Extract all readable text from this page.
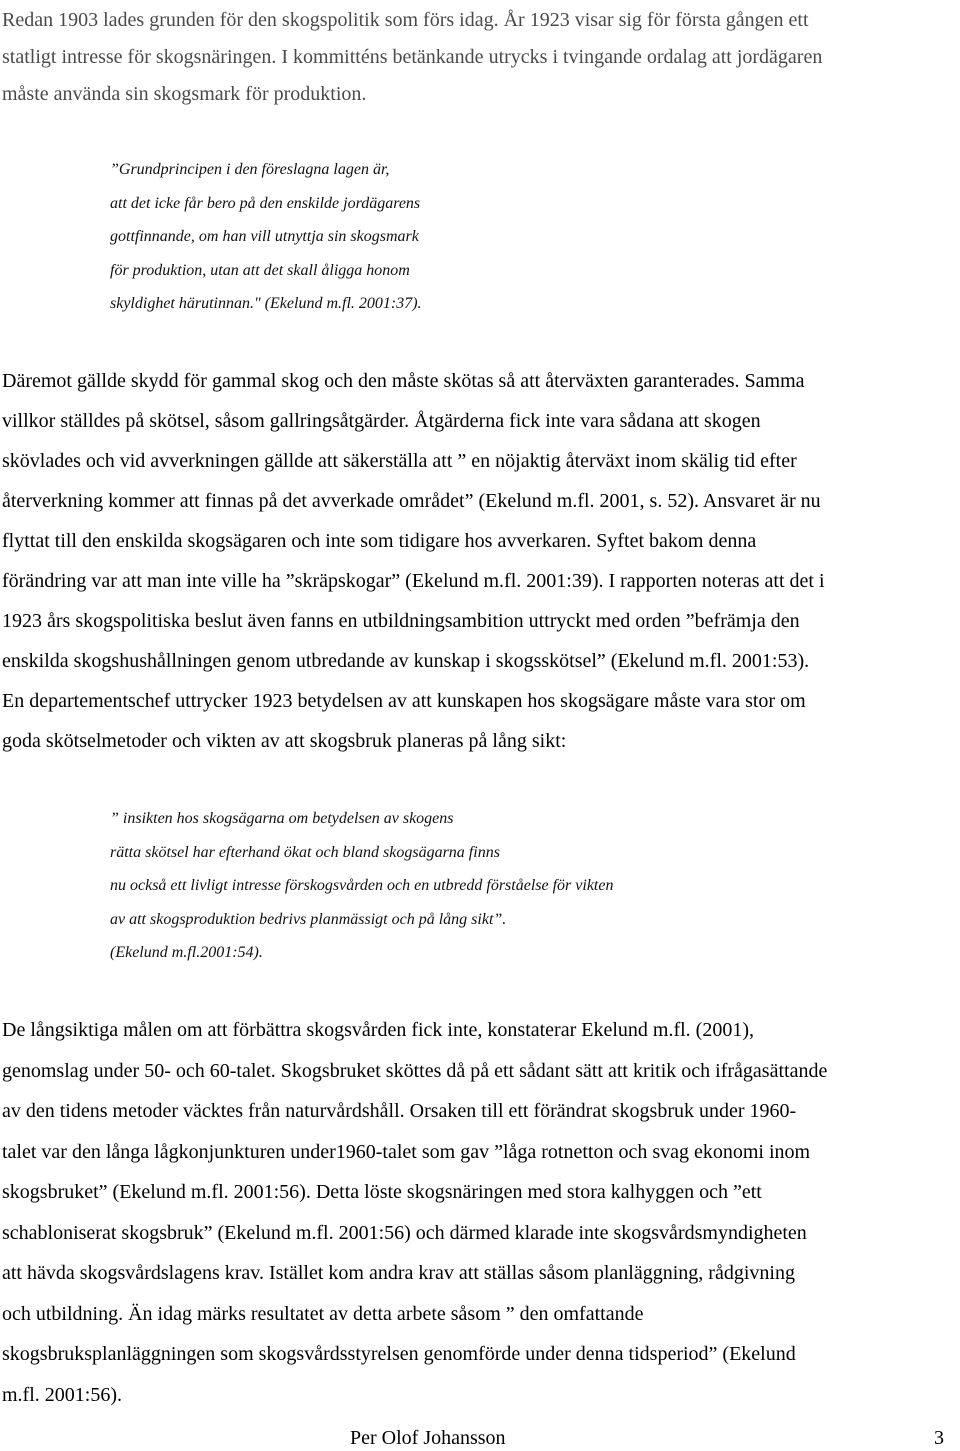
Redan 1903 lades grunden för den skogspolitik som förs idag. År 1923 visar sig för första gången ett
statligt intresse för skogsnäringen. I kommitténs betänkande utrycks i tvingande ordalag att jordägaren
måste använda sin skogsmark för produktion.

”Grundprincipen i den föreslagna lagen är,
att det icke får bero på den enskilde jordägarens
gottfinnande, om han vill utnyttja sin skogsmark
för produktion, utan att det skall åligga honom
skyldighet härutinnan." (Ekelund m.fl. 2001:37).

Däremot gällde skydd för gammal skog och den måste skötas så att återväxten garanterades. Samma
villkor ställdes på skötsel, såsom gallringsåtgärder. Åtgärderna fick inte vara sådana att skogen
skövlades och vid avverkningen gällde att säkerställa att ” en nöjaktig återväxt inom skälig tid efter
återverkning kommer att finnas på det avverkade området” (Ekelund m.fl. 2001, s. 52). Ansvaret är nu
flyttat till den enskilda skogsägaren och inte som tidigare hos avverkaren. Syftet bakom denna
förändring var att man inte ville ha ”skräpskogar” (Ekelund m.fl. 2001:39). I rapporten noteras att det i
1923 års skogspolitiska beslut även fanns en utbildningsambition uttryckt med orden ”befrämja den
enskilda skogshushållningen genom utbredande av kunskap i skogsskötsel” (Ekelund m.fl. 2001:53).
En departementschef uttrycker 1923 betydelsen av att kunskapen hos skogsägare måste vara stor om
goda skötselmetoder och vikten av att skogsbruk planeras på lång sikt:

” insikten hos skogsägarna om betydelsen av skogens
rätta skötsel har efterhand ökat och bland skogsägarna finns
nu också ett livligt intresse förskogsvården och en utbredd förståelse för vikten
av att skogsproduktion bedrivs planmässigt och på lång sikt”.
(Ekelund m.fl.2001:54).

De långsiktiga målen om att förbättra skogsvården fick inte, konstaterar Ekelund m.fl. (2001),
genomslag under 50- och 60-talet. Skogsbruket sköttes då på ett sådant sätt att kritik och ifrågasättande
av den tidens metoder väcktes från naturvårdshåll. Orsaken till ett förändrat skogsbruk under 1960-
talet var den långa lågkonjunkturen under1960-talet som gav ”låga rotnetton och svag ekonomi inom
skogsbruket” (Ekelund m.fl. 2001:56). Detta löste skogsnäringen med stora kalhyggen och ”ett
schabloniserat skogsbruk” (Ekelund m.fl. 2001:56) och därmed klarade inte skogsvårdsmyndigheten
att hävda skogsvårdslagens krav. Istället kom andra krav att ställas såsom planläggning, rådgivning
och utbildning. Än idag märks resultatet av detta arbete såsom ” den omfattande
skogsbruksplanläggningen som skogsvårdsstyrelsen genomförde under denna tidsperiod” (Ekelund
m.fl. 2001:56).

Per Olof Johansson	3
